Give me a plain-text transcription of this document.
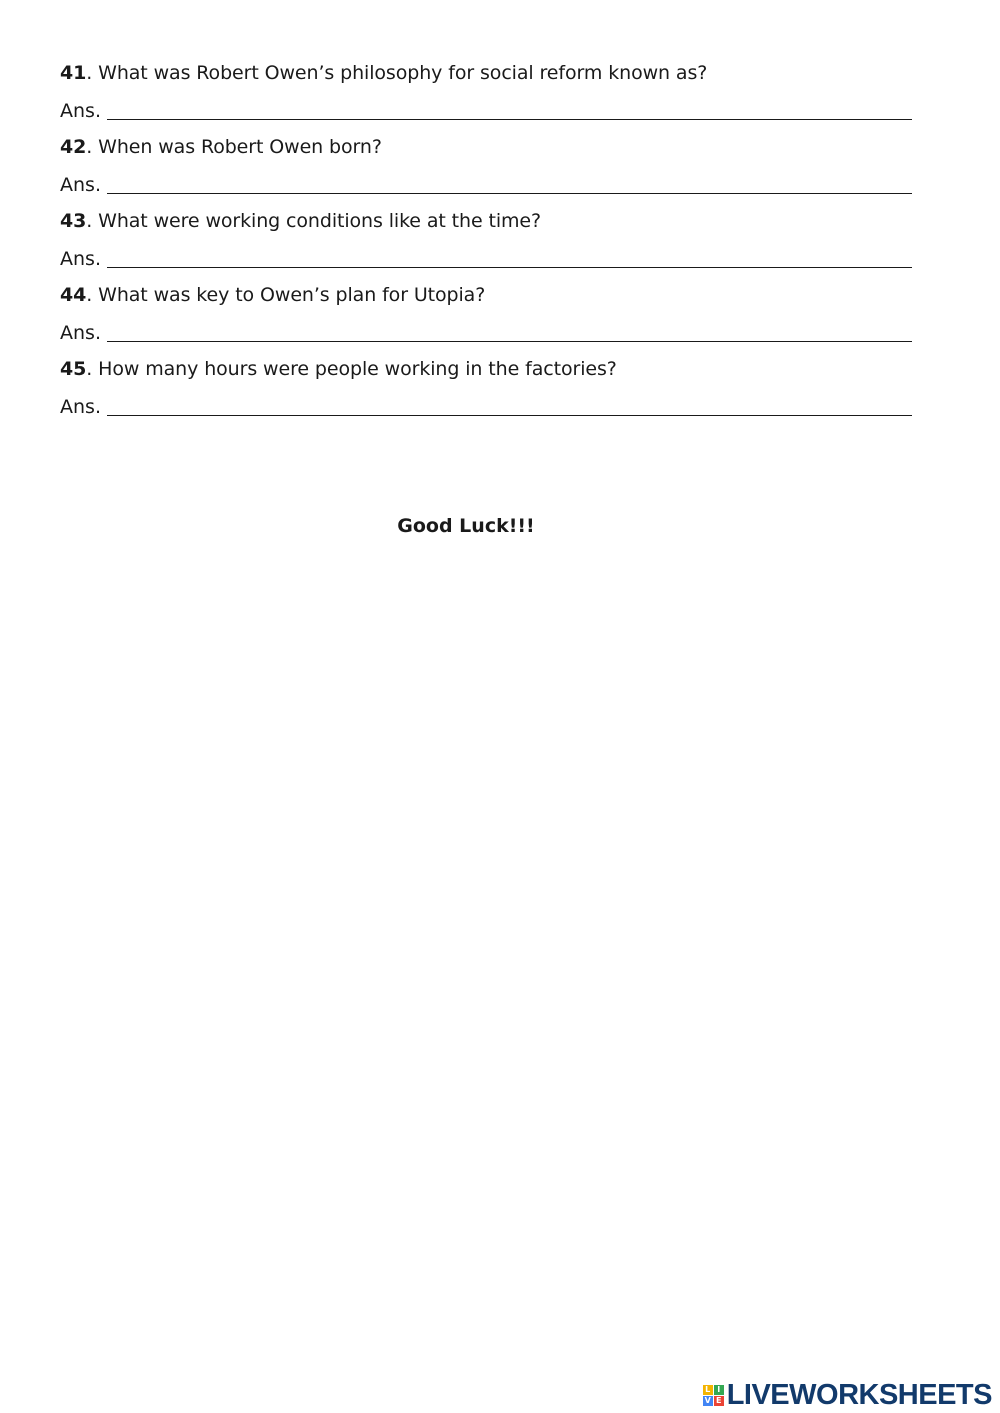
41. What was Robert Owen’s philosophy for social reform known as?
Ans.
42. When was Robert Owen born?
Ans.
43. What were working conditions like at the time?
Ans.
44. What was key to Owen’s plan for Utopia?
Ans.
45. How many hours were people working in the factories?
Ans.
Good Luck!!!
L I
V E LIVEWORKSHEETS
